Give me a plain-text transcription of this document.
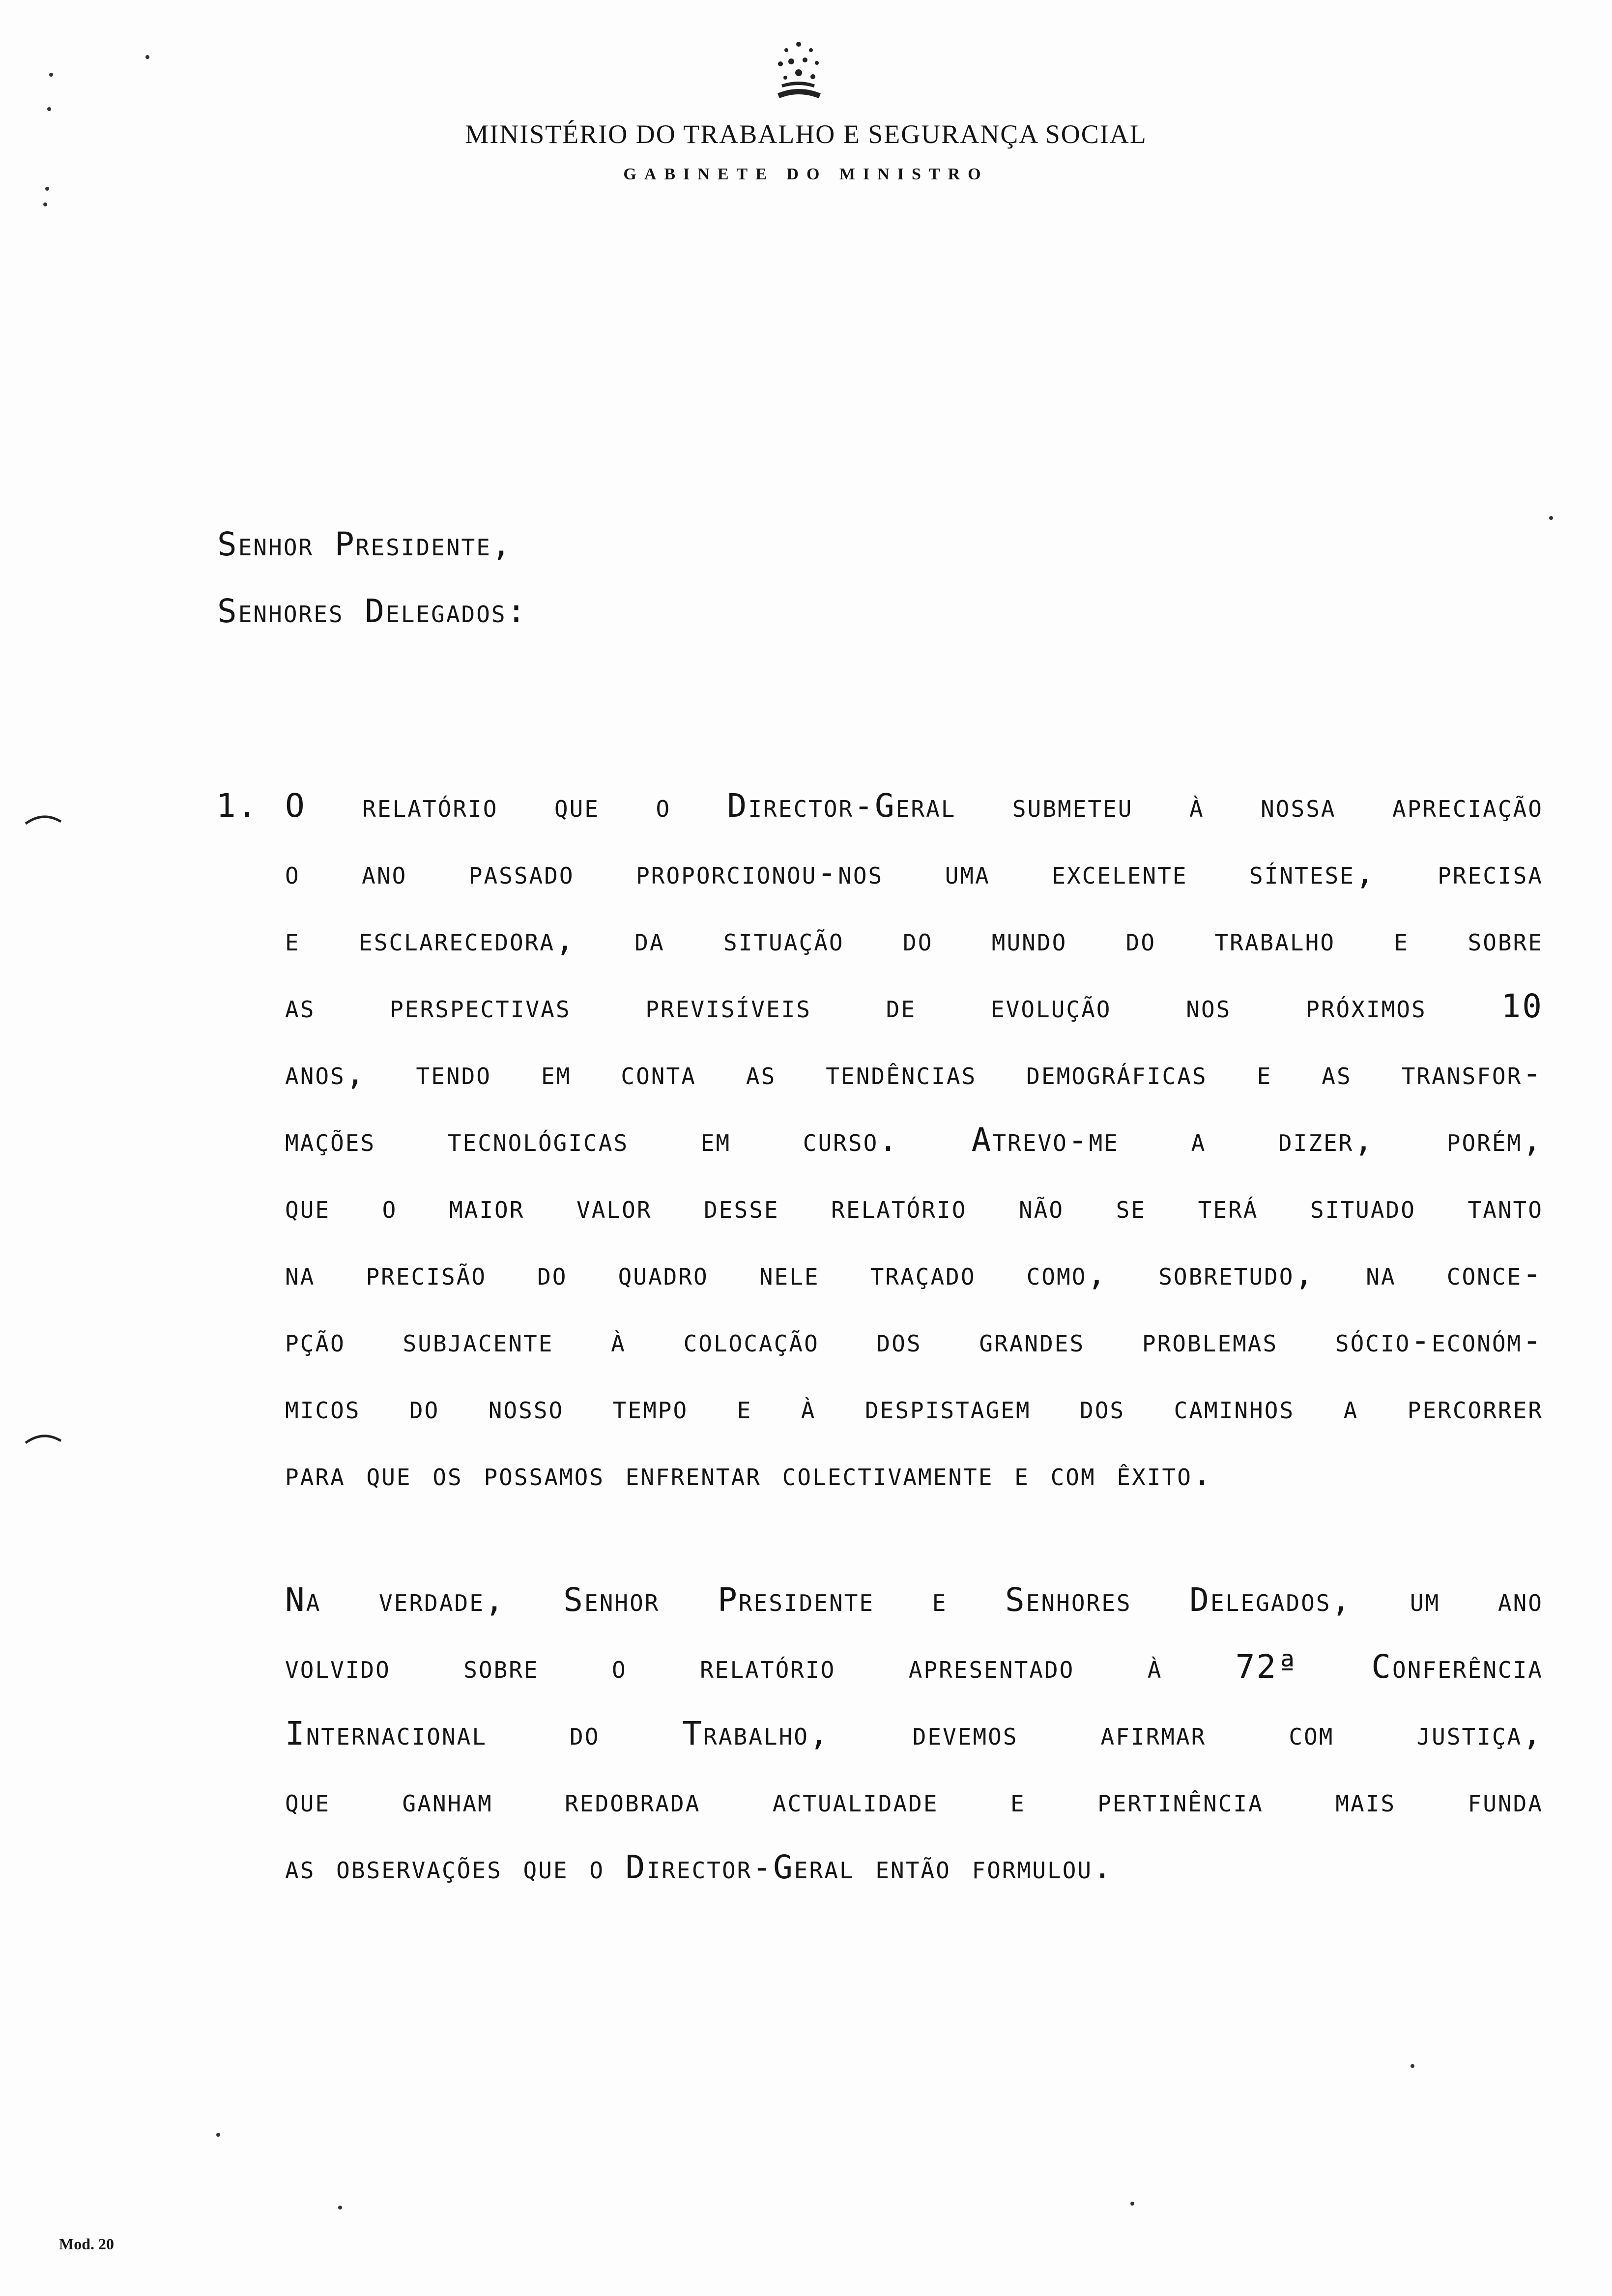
MINISTÉRIO DO TRABALHO E SEGURANÇA SOCIAL
GABINETE DO MINISTRO
Senhor Presidente,
Senhores Delegados:
1. O relatório que o Director-Geral submeteu à nossa apreciação
o ano passado proporcionou-nos uma excelente síntese, precisa
e esclarecedora, da situação do mundo do trabalho e sobre
as perspectivas previsíveis de evolução nos próximos 10
anos, tendo em conta as tendências demográficas e as transfor-
mações tecnológicas em curso. Atrevo-me a dizer, porém,
que o maior valor desse relatório não se terá situado tanto
na precisão do quadro nele traçado como, sobretudo, na conce-
pção subjacente à colocação dos grandes problemas sócio-económ-
micos do nosso tempo e à despistagem dos caminhos a percorrer
para que os possamos enfrentar colectivamente e com êxito.
Na verdade, Senhor Presidente e Senhores Delegados, um ano
volvido sobre o relatório apresentado à 72ª Conferência
Internacional do Trabalho, devemos afirmar com justiça,
que ganham redobrada actualidade e pertinência mais funda
as observações que o Director-Geral então formulou.
Mod. 20
